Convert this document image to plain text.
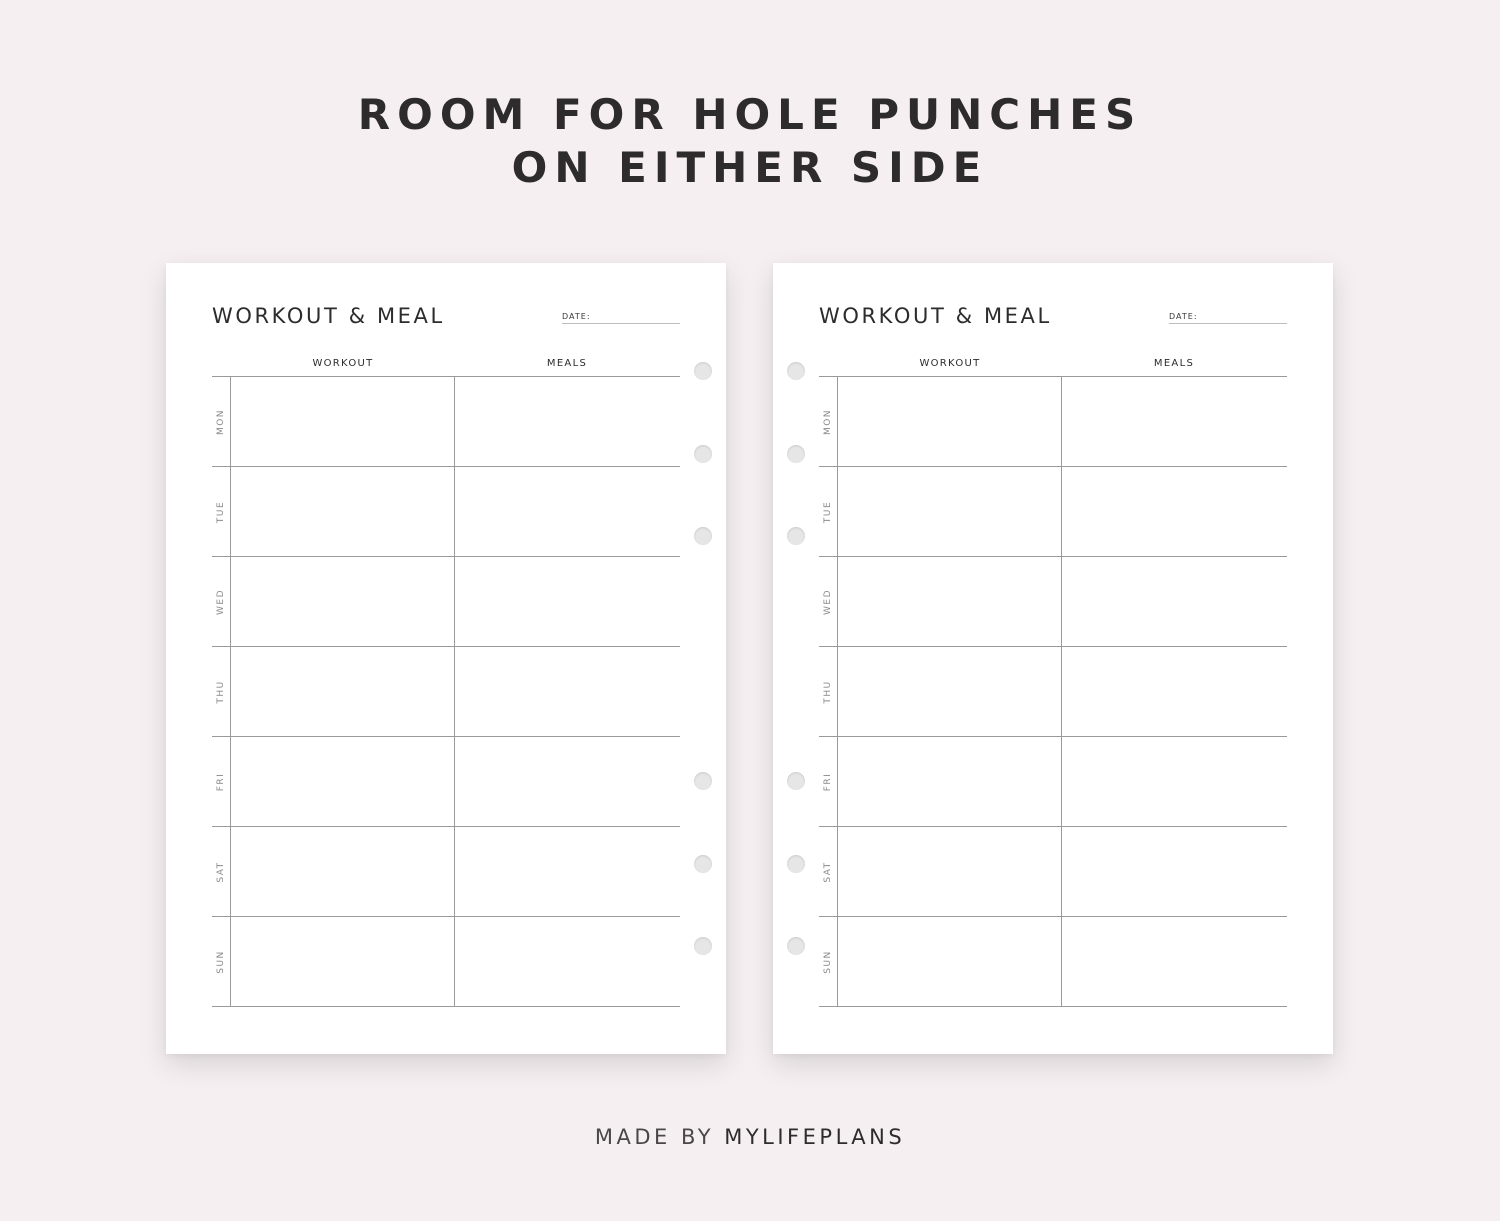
ROOM FOR HOLE PUNCHES
ON EITHER SIDE
WORKOUT & MEAL	DATE:
WORKOUT	MEALS
MON
TUE
WED
THU
FRI
SAT
SUN
WORKOUT & MEAL	DATE:
WORKOUT	MEALS
MON
TUE
WED
THU
FRI
SAT
SUN
MADE BY MYLIFEPLANS
